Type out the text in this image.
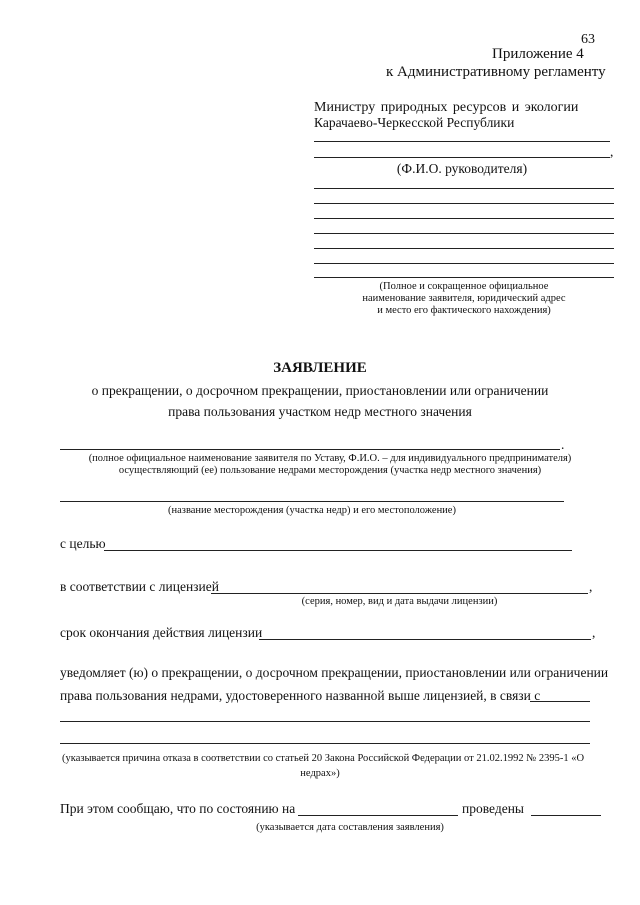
63
Приложение 4
к Административному регламенту
Министру природных ресурсов и экологии
Карачаево-Черкесской Республики
,
(Ф.И.О. руководителя)
(Полное и сокращенное официальное
наименование заявителя, юридический адрес
и место его фактического нахождения)
ЗАЯВЛЕНИЕ
о прекращении, о досрочном прекращении, приостановлении или ограничении
права пользования участком недр местного значения
.
(полное официальное наименование заявителя по Уставу, Ф.И.О. – для индивидуального предпринимателя)
осуществляющий (ее) пользование недрами месторождения (участка недр местного значения)
(название месторождения (участка недр) и его местоположение)
с целью
в соответствии с лицензией	,
(серия, номер, вид и дата выдачи лицензии)
срок окончания действия лицензии	,
уведомляет (ю) о прекращении, о досрочном прекращении, приостановлении или ограничении
права пользования недрами, удостоверенного названной выше лицензией, в связи с
(указывается причина отказа в соответствии со статьей 20 Закона Российской Федерации от 21.02.1992 № 2395-1 «О
недрах»)
При этом сообщаю, что по состоянию на	проведены
(указывается дата составления заявления)
